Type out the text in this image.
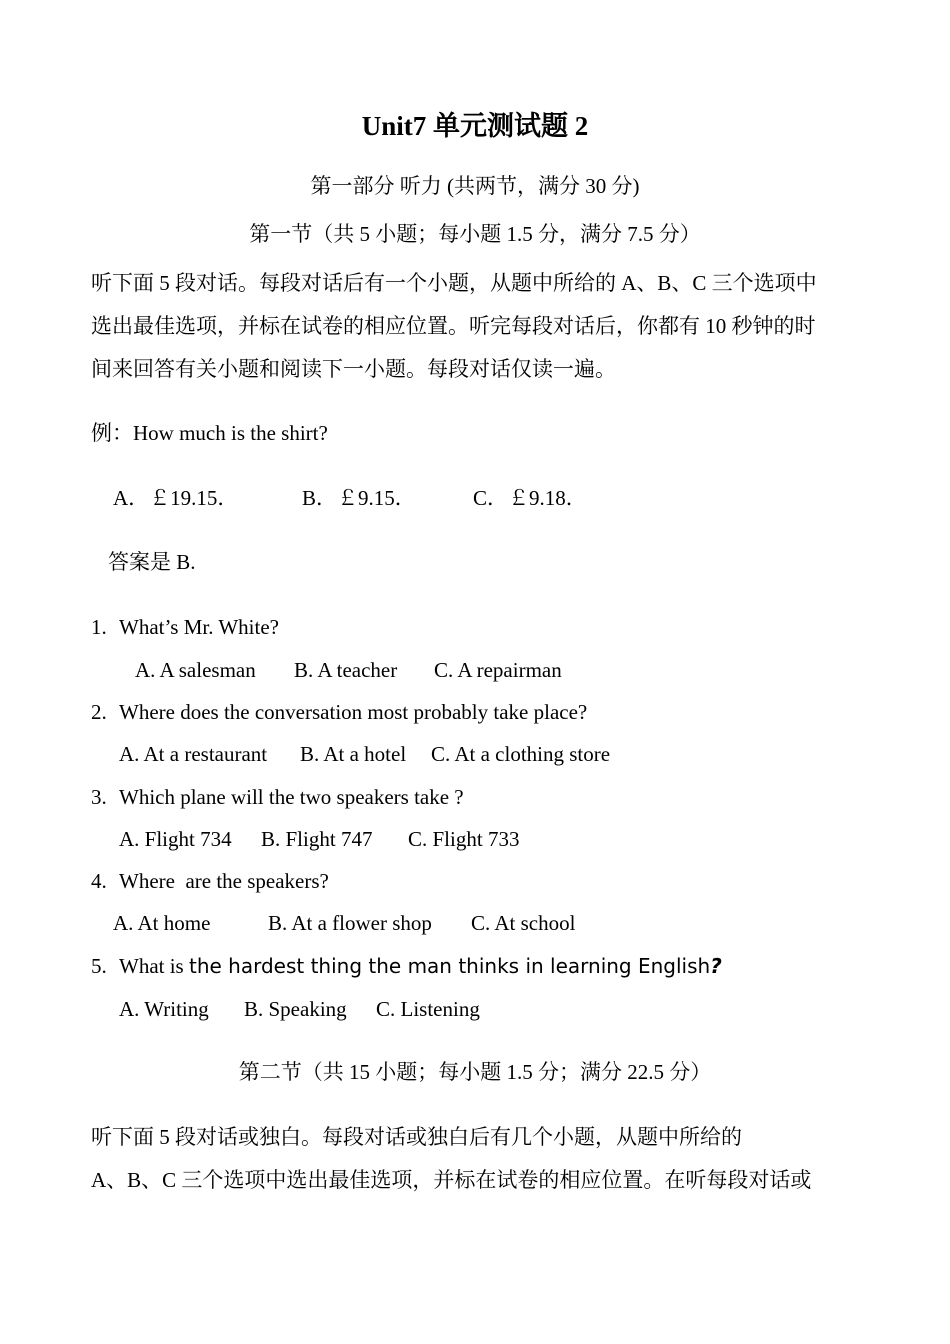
Unit7 单元测试题 2
第一部分 听力 (共两节，满分 30 分)
第一节（共 5 小题；每小题 1.5 分，满分 7.5 分）
听下面 5 段对话。每段对话后有一个小题，从题中所给的 A、B、C 三个选项中
选出最佳选项，并标在试卷的相应位置。听完每段对话后，你都有 10 秒钟的时
间来回答有关小题和阅读下一小题。每段对话仅读一遍。
例：How much is the shirt?
A．￡19.15．	B．￡9.15．	C．￡9.18．
答案是 B.
1. What’s Mr. White?
A. A salesman B. A teacher C. A repairman
2. Where does the conversation most probably take place?
A. At a restaurant B. At a hotel C. At a clothing store
3. Which plane will the two speakers take ?
A. Flight 734 B. Flight 747 C. Flight 733
4. Where  are the speakers?
A. At home	B. At a flower shop C. At school
5. What is the hardest thing the man thinks in learning English?
A. Writing B. Speaking C. Listening
第二节（共 15 小题；每小题 1.5 分；满分 22.5 分）
听下面 5 段对话或独白。每段对话或独白后有几个小题，从题中所给的
A、B、C 三个选项中选出最佳选项，并标在试卷的相应位置。在听每段对话或
